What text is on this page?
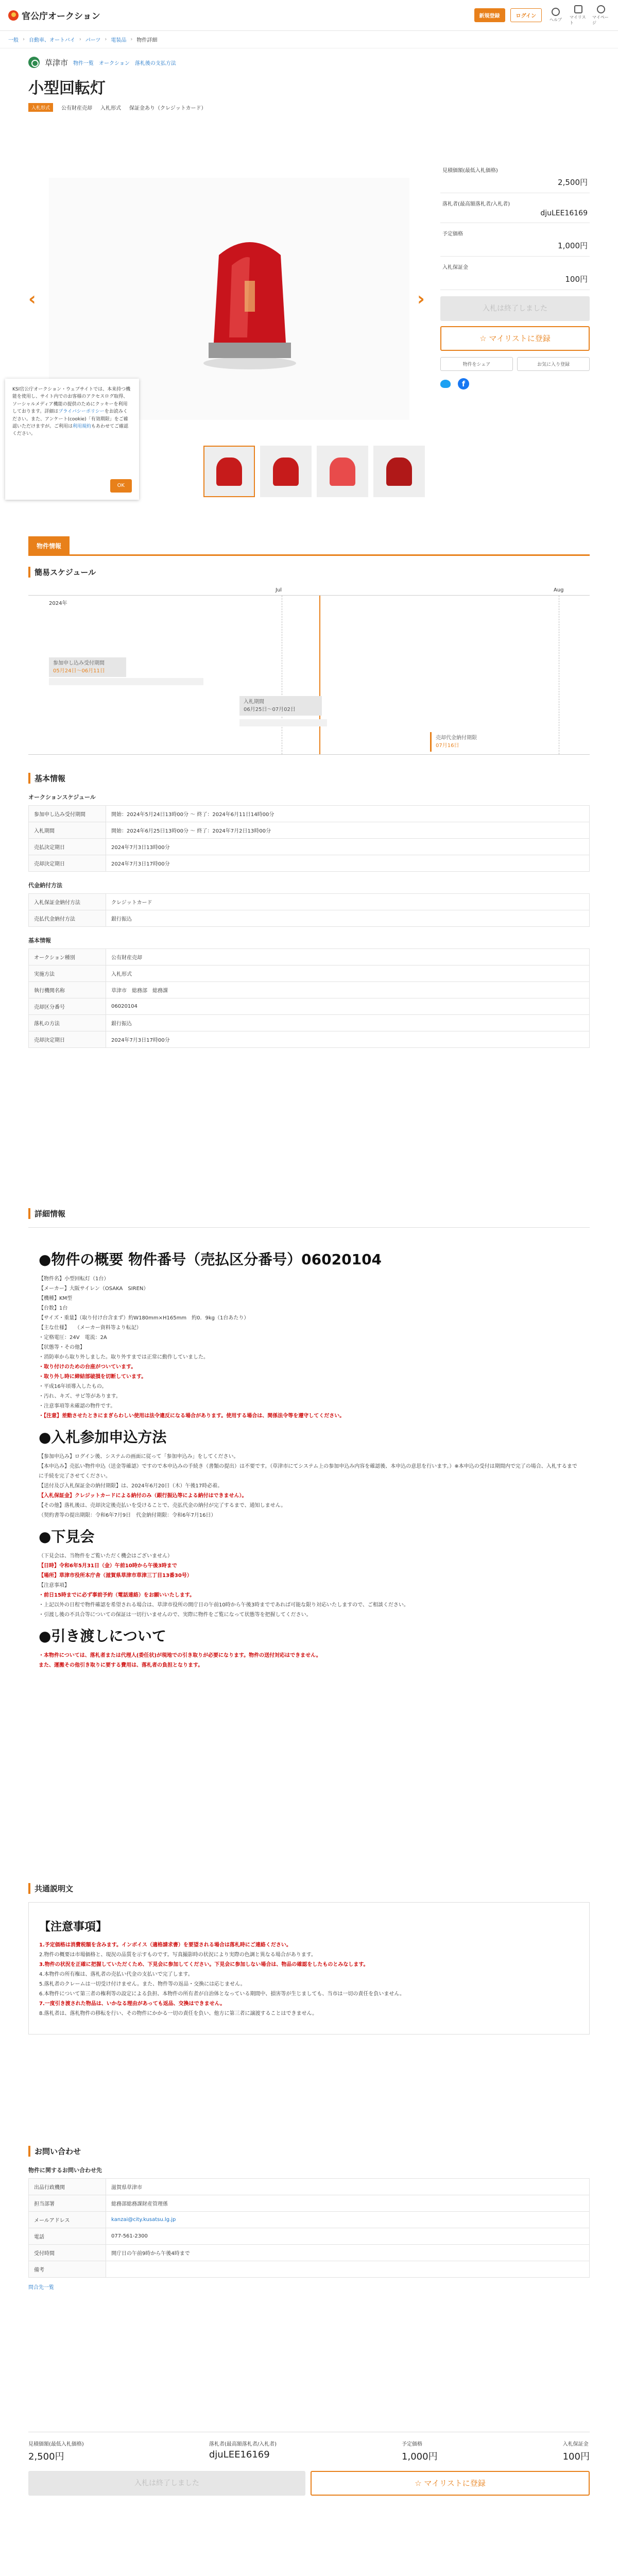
官公庁オークション	新規登録	ログイン
ヘルプ
マイリスト
マイページ
一般 › 自動車、オートバイ › パーツ › 電装品 › 物件詳細
草津市 物件一覧 オークション 落札後の支払方法
小型回転灯
入札形式	公有財産売却 入札形式 保証金あり（クレジットカード）
‹	›
KSI官公庁オークション・ウェブサイトでは、本来持つ機能を使用し、サイト内でのお客様のアクセスログ取得、ソーシャルメディア機能の提供のためにクッキーを利用しております。詳細はプライバシーポリシーをお読みください。また、アンケート(cookie)「有効期限」をご確認いただけますが。ご利用は利用規約もあわせてご確認ください。
OK
見積価額(最低入札価格)
2,500円
落札者(最高額落札者/入札者)
djuLEE16169
予定価格
1,000円
入札保証金
100円
入札は終了しました
☆ マイリストに登録
物件をシェア	お気に入り登録
f
物件情報
簡易スケジュール
2024年
Jul	Aug
参加申し込み受付期間
05月24日～06月11日
入札期間
06月25日～07月02日
売却代金納付期限
07月16日
基本情報
オークションスケジュール
参加申し込み受付期間	開始：2024年5月24日13時00分 ～ 終了：2024年6月11日14時00分
入札期間	開始：2024年6月25日13時00分 ～ 終了：2024年7月2日13時00分
売払決定期日	2024年7月3日13時00分
売却決定期日	2024年7月3日17時00分
代金納付方法
入札保証金納付方法	クレジットカード
売払代金納付方法	銀行振込
基本情報
オークション種別	公有財産売却
実施方法	入札形式
執行機関名称	草津市　総務部　総務課
売却区分番号	06020104
落札の方法	銀行振込
売却決定期日	2024年7月3日17時00分
詳細情報
●物件の概要 物件番号（売払区分番号）06020104

【物件名】小型回転灯（1台）

【メーカー】大阪サイレン（OSAKA　SIREN）

【機種】KM型

【台数】1台

【サイズ・重量】（取り付け台含まず）約W180mm×H165mm　約0．9kg（1台あたり）

【主な仕様】　　（メーカー資料等より転記）

・定格電圧：24V　電流：2A

【状態等・その他】

・消防車から取り外しました。取り外すまでは正常に動作していました。

・取り付けのための台座がついています。

・取り外し時に締結部破損を切断しています。

・平成16年頃導入したもの。

・汚れ、キズ、サビ等があります。

・注意事項等未確認の物件です。

・【注意】差動させたときにまぎらわしい使用は法令違反になる場合があります。使用する場合は、関係法令等を遵守してください。

●入札参加申込方法

【参加申込み】ログイン後、システムの画面に従って「参加申込み」をしてください。

【本申込み】売払い物件申込（送金等確認）ですので本申込みの手続き（書類の提出）は不要です。（草津市にてシステム上の参加申込み内容を確認後、本申込の意思を行います。）※本申込の受付は期間内で完了の場合、入札するまでに手続を完了させてください。

【送付及び入札保証金の納付期限】は、2024年6月20日（木）午後17時必着。

【入札保証金】クレジットカードによる納付のみ（銀行振込等による納付はできません）。

【その他】落札後は、売却決定後売払いを受けることで、売払代金の納付が完了するまで、通知しません。

（契約書等の提出期限：令和6年7月9日　代金納付期限：令和6年7月16日）

●下見会

（下見会は、当物件をご覧いただく機会はございません）

【日時】令和6年5月31日（金）午前10時から午後3時まで

【場所】草津市役所本庁舎（滋賀県草津市草津三丁目13番30号）

【注意事項】

・前日15時までに必ず事前予約（電話連絡）をお願いいたします。

・上記以外の日程で物件確認を希望される場合は、草津市役所の開庁日の午前10時から午後3時までであれば可能な限り対応いたしますので、ご相談ください。

・引渡し後の不具合等についての保証は一切行いませんので、実際に物件をご覧になって状態等を把握してください。

●引き渡しについて

・本物件については、落札者または代理人(委任状)が現地での引き取りが必要になります。物件の送付対応はできません。

また、運搬その他引き取りに要する費用は、落札者の負担となります。

共通説明文
【注意事項】

1.予定価格は消費税額を含みます。インボイス（適格請求書）を要望される場合は落札時にご連絡ください。

2.物件の概要は市場価格と、現況の品質を示すものです。写真撮影時の状況により実際の色調と異なる場合があります。

3.物件の状況を正確に把握していただくため、下見会に参加してください。下見会に参加しない場合は、物品の確認をしたものとみなします。

4.本物件の所有権は、落札者の売払い代金の支払いで完了します。

5.落札者のクレームは一切受け付けません。また、物件等の返品・交換には応じません。

6.本物件について第三者の権利等の設定による負担、本物件の所有者が自治体となっている期間中、損害等が生じましても、当市は一切の責任を負いません。

7.一度引き渡された物品は、いかなる理由があっても返品、交換はできません。

8.落札者は、落札物件の移転を行い、その物件にかかる一切の責任を負い、他方に第三者に譲渡することはできません。

お問い合わせ
物件に関するお問い合わせ先
出品行政機関	滋賀県草津市
担当部署	総務部総務課財産管理係
メールアドレス	kanzai@city.kusatsu.lg.jp
電話	077-561-2300
受付時間	開庁日の午前9時から午後4時まで
備考	
問合先一覧
見積価額(最低入札価格)
2,500円
落札者(最高額落札者/入札者)
djuLEE16169
予定価格
1,000円
入札保証金
100円
入札は終了しました	☆ マイリストに登録
